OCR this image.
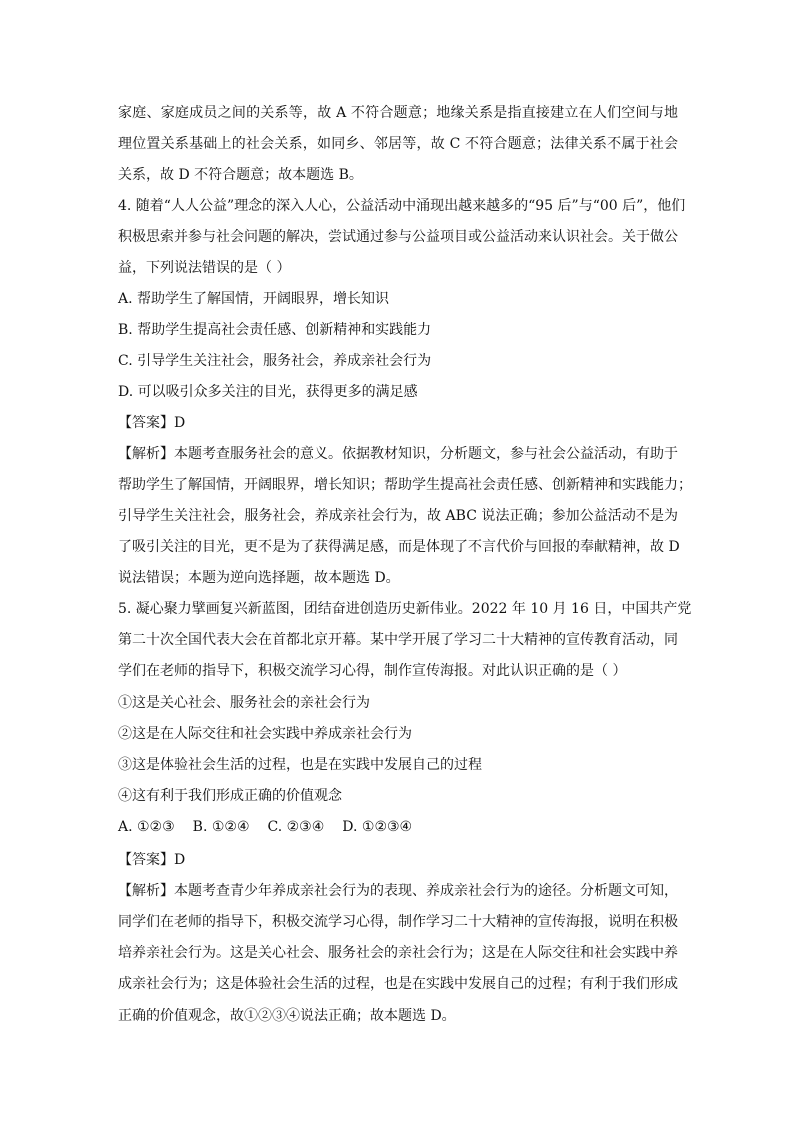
家庭、家庭成员之间的关系等，故 A 不符合题意；地缘关系是指直接建立在人们空间与地
理位置关系基础上的社会关系，如同乡、邻居等，故 C 不符合题意；法律关系不属于社会
关系，故 D 不符合题意；故本题选 B。
4. 随着“人人公益”理念的深入人心，公益活动中涌现出越来越多的“95 后”与“00 后”，他们
积极思索并参与社会问题的解决，尝试通过参与公益项目或公益活动来认识社会。关于做公
益，下列说法错误的是（ ）
A. 帮助学生了解国情，开阔眼界，增长知识
B. 帮助学生提高社会责任感、创新精神和实践能力
C. 引导学生关注社会，服务社会，养成亲社会行为
D. 可以吸引众多关注的目光，获得更多的满足感
【答案】D
【解析】本题考查服务社会的意义。依据教材知识，分析题文，参与社会公益活动，有助于
帮助学生了解国情，开阔眼界，增长知识；帮助学生提高社会责任感、创新精神和实践能力；
引导学生关注社会，服务社会，养成亲社会行为，故 ABC 说法正确；参加公益活动不是为
了吸引关注的目光，更不是为了获得满足感，而是体现了不言代价与回报的奉献精神，故 D
说法错误；本题为逆向选择题，故本题选 D。
5. 凝心聚力擘画复兴新蓝图，团结奋进创造历史新伟业。2022 年 10 月 16 日，中国共产党
第二十次全国代表大会在首都北京开幕。某中学开展了学习二十大精神的宣传教育活动，同
学们在老师的指导下，积极交流学习心得，制作宣传海报。对此认识正确的是（ ）
①这是关心社会、服务社会的亲社会行为
②这是在人际交往和社会实践中养成亲社会行为
③这是体验社会生活的过程，也是在实践中发展自己的过程
④这有利于我们形成正确的价值观念
A. ①②③ B. ①②④ C. ②③④ D. ①②③④
【答案】D
【解析】本题考查青少年养成亲社会行为的表现、养成亲社会行为的途径。分析题文可知，
同学们在老师的指导下，积极交流学习心得，制作学习二十大精神的宣传海报，说明在积极
培养亲社会行为。这是关心社会、服务社会的亲社会行为；这是在人际交往和社会实践中养
成亲社会行为；这是体验社会生活的过程，也是在实践中发展自己的过程；有利于我们形成
正确的价值观念，故①②③④说法正确；故本题选 D。
